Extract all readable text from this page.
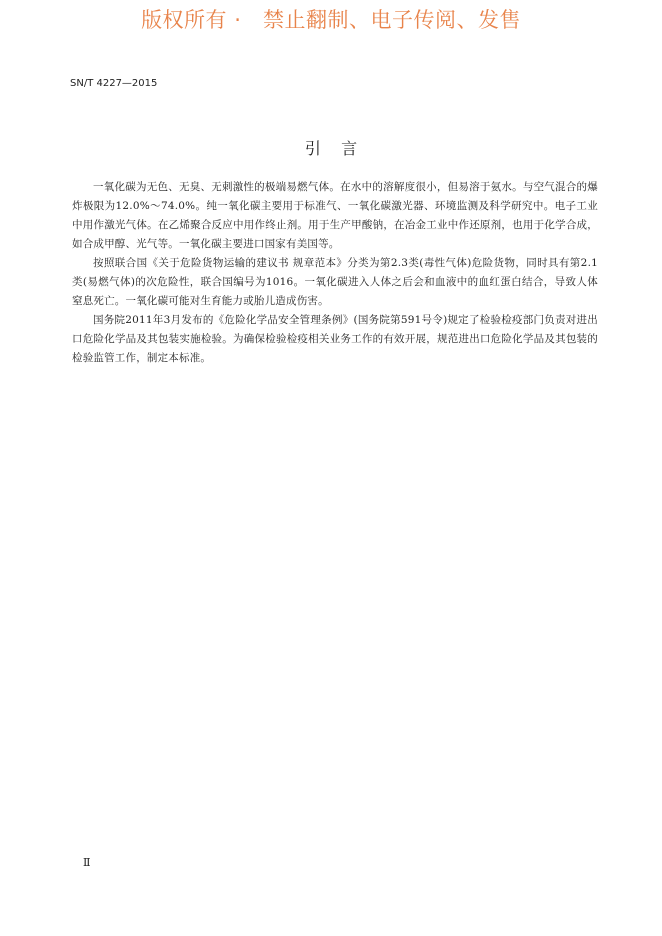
版权所有 ·   禁止翻制、电子传阅、发售
SN/T 4227—2015
引    言

一氧化碳为无色、无臭、无刺激性的极端易燃气体。在水中的溶解度很小，但易溶于氨水。与空气混合的爆炸极限为12.0%～74.0%。纯一氧化碳主要用于标准气、一氧化碳激光器、环境监测及科学研究中。电子工业中用作激光气体。在乙烯聚合反应中用作终止剂。用于生产甲酸钠，在冶金工业中作还原剂，也用于化学合成，如合成甲醇、光气等。一氧化碳主要进口国家有美国等。

按照联合国《关于危险货物运输的建议书 规章范本》分类为第2.3类(毒性气体)危险货物，同时具有第2.1类(易燃气体)的次危险性，联合国编号为1016。一氧化碳进入人体之后会和血液中的血红蛋白结合，导致人体窒息死亡。一氧化碳可能对生育能力或胎儿造成伤害。

国务院2011年3月发布的《危险化学品安全管理条例》(国务院第591号令)规定了检验检疫部门负责对进出口危险化学品及其包装实施检验。为确保检验检疫相关业务工作的有效开展，规范进出口危险化学品及其包装的检验监管工作，制定本标准。

Ⅱ
